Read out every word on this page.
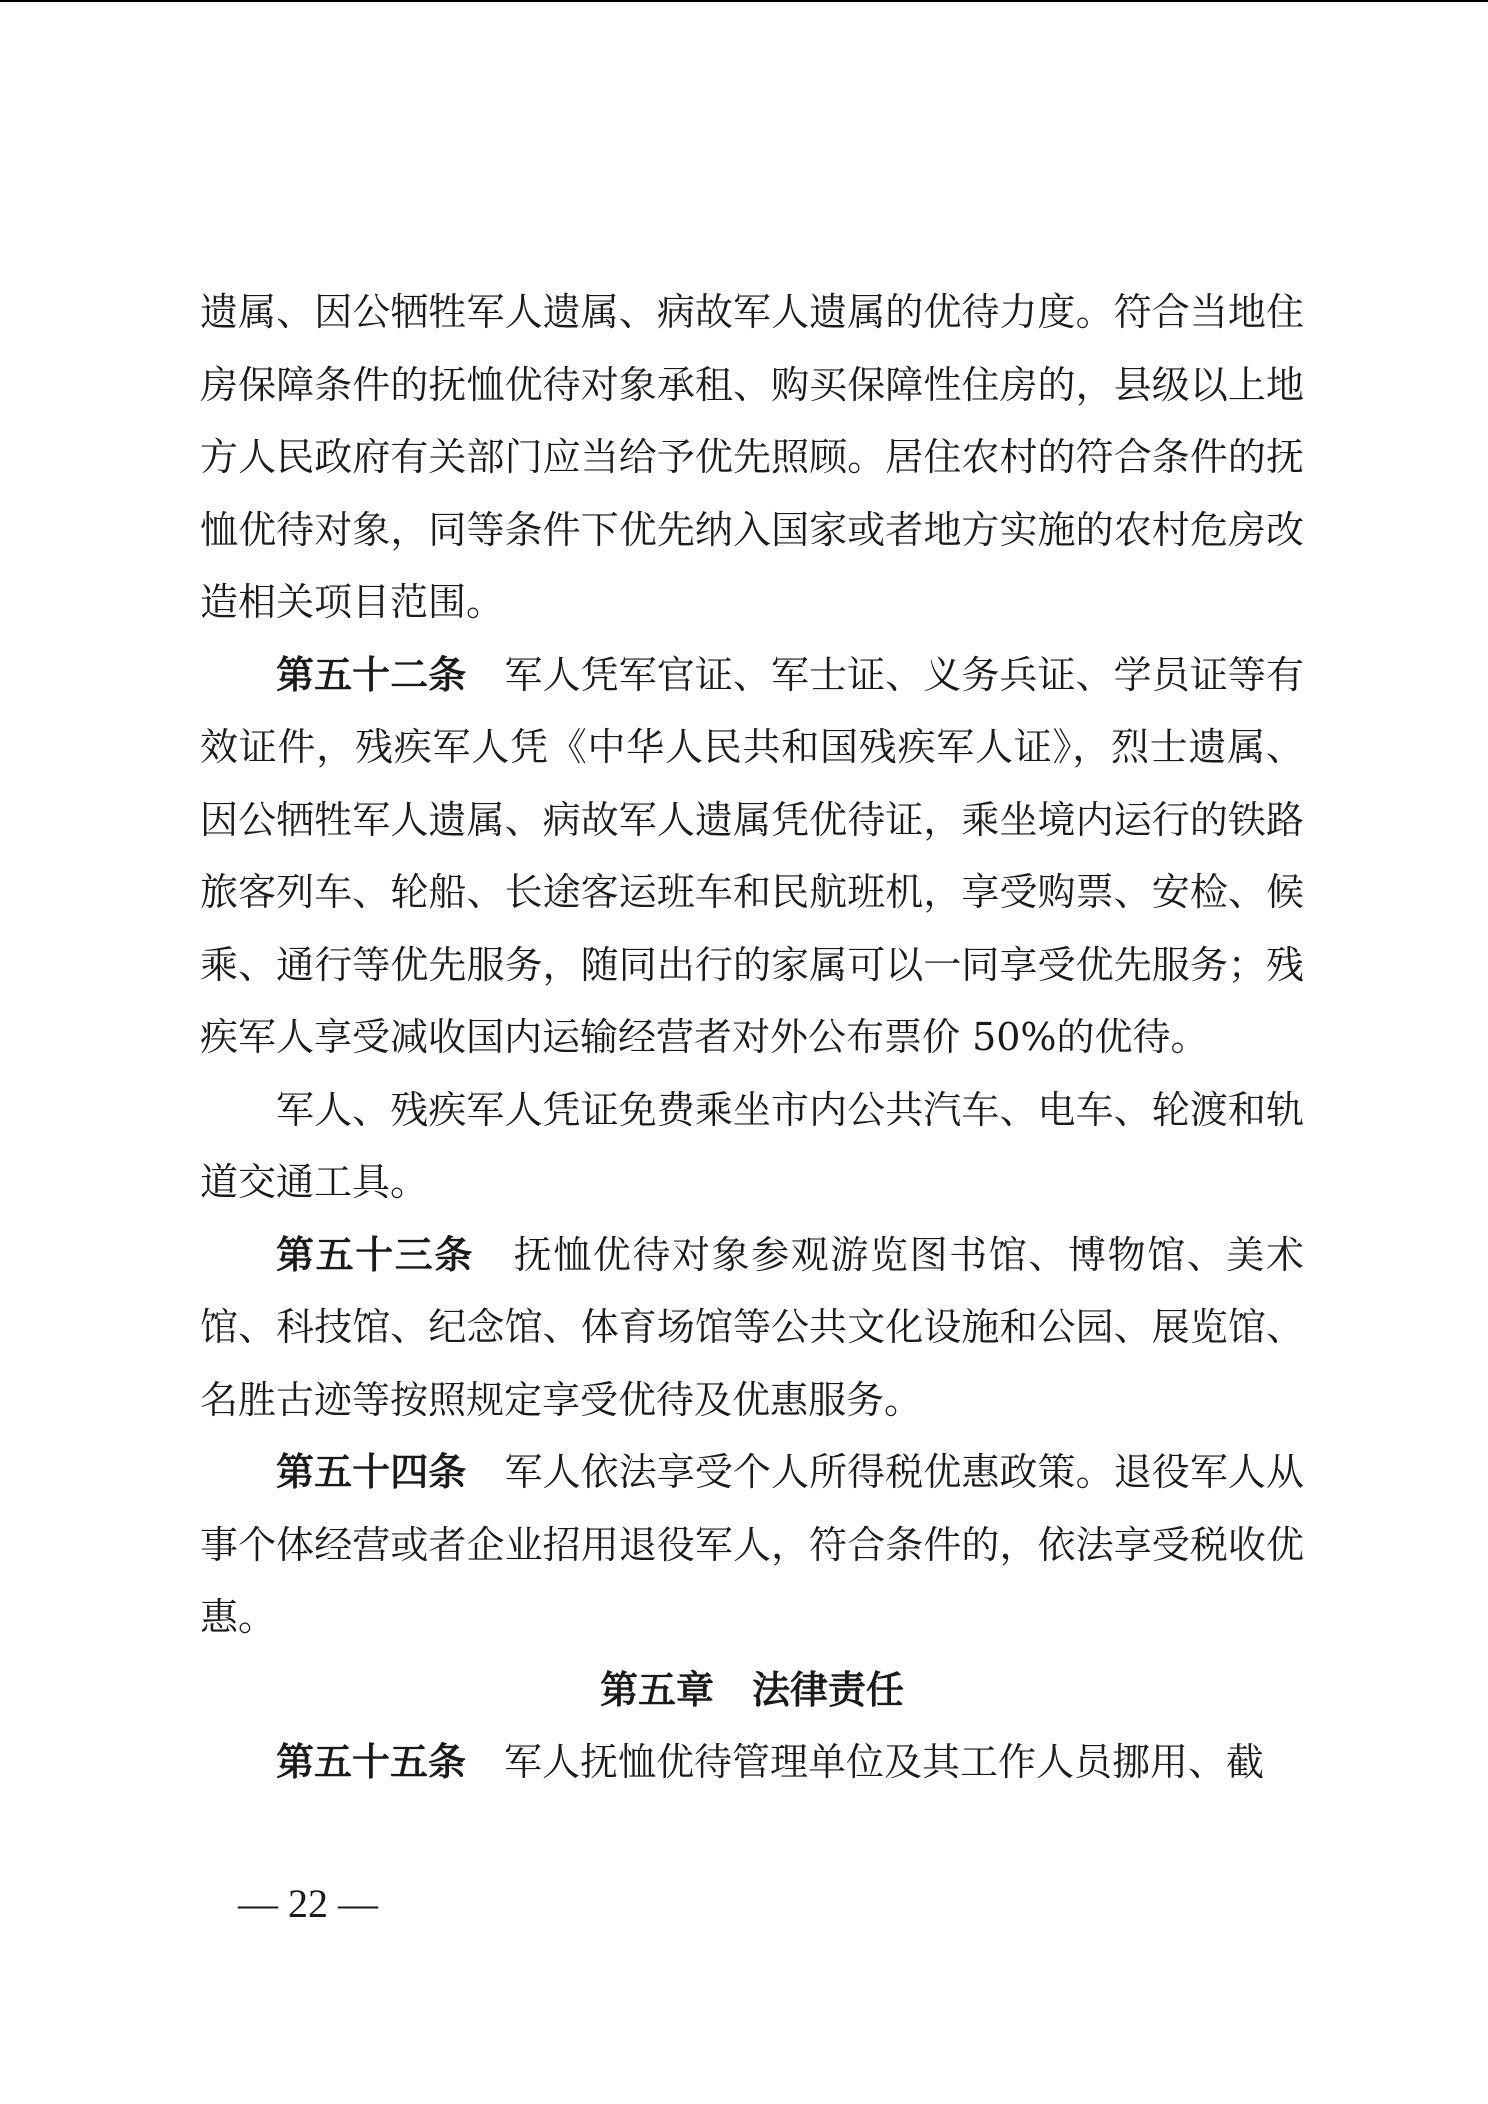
遗属、因公牺牲军人遗属、病故军人遗属的优待力度。符合当地住房保障条件的抚恤优待对象承租、购买保障性住房的，县级以上地方人民政府有关部门应当给予优先照顾。居住农村的符合条件的抚恤优待对象，同等条件下优先纳入国家或者地方实施的农村危房改造相关项目范围。

第五十二条 军人凭军官证、军士证、义务兵证、学员证等有效证件，残疾军人凭《中华人民共和国残疾军人证》，烈士遗属、因公牺牲军人遗属、病故军人遗属凭优待证，乘坐境内运行的铁路旅客列车、轮船、长途客运班车和民航班机，享受购票、安检、候乘、通行等优先服务，随同出行的家属可以一同享受优先服务；残疾军人享受减收国内运输经营者对外公布票价 50%的优待。

军人、残疾军人凭证免费乘坐市内公共汽车、电车、轮渡和轨道交通工具。

第五十三条 抚恤优待对象参观游览图书馆、博物馆、美术馆、科技馆、纪念馆、体育场馆等公共文化设施和公园、展览馆、名胜古迹等按照规定享受优待及优惠服务。

第五十四条 军人依法享受个人所得税优惠政策。退役军人从事个体经营或者企业招用退役军人，符合条件的，依法享受税收优惠。

第五章 法律责任

第五十五条 军人抚恤优待管理单位及其工作人员挪用、截

— 22 —
